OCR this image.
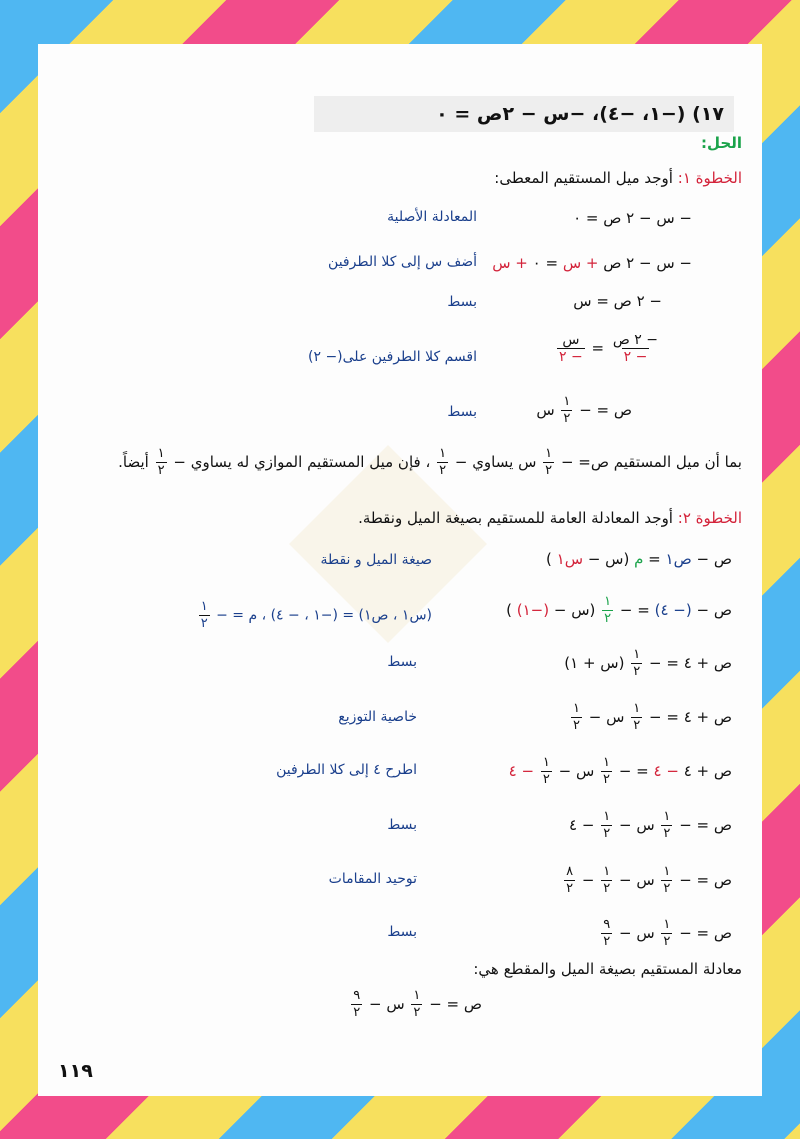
١٧) (−١، −٤)، −س − ٢ص = ٠
الحل:
الخطوة ١: أوجد ميل المستقيم المعطى:
− س − ٢ ص = ٠
المعادلة الأصلية
− س − ٢ ص + س = ٠ + س
أضف س إلى كلا الطرفين
− ٢ ص = س
بسط
$\frac{\text{− ٢ ص}}{- ٢}$
=
$\frac{\text{س}}{- ٢}$
اقسم كلا الطرفين على(− ٢)
ص = −
$\frac{١}{٢}$
س
بسط
بما أن ميل المستقيم ص= −
$\frac{١}{٢}$
س يساوي −
$\frac{١}{٢}$
، فإن ميل المستقيم الموازي له يساوي −
$\frac{١}{٢}$
أيضاً.
الخطوة ٢: أوجد المعادلة العامة للمستقيم بصيغة الميل ونقطة.
ص − ص١ = م (س − س١ )
صيغة الميل و نقطة
ص − (− ٤) = −
$\frac{١}{٢}$
(س − (−١) )
(س١ ، ص١) = (−١ ، − ٤) ، م = −
$\frac{١}{٢}$
ص + ٤ = −
$\frac{١}{٢}$
(س + ١)
بسط
ص + ٤ = −
$\frac{١}{٢}$
س −
$\frac{١}{٢}$
خاصية التوزيع
ص + ٤ − ٤ = −
$\frac{١}{٢}$
س −
$\frac{١}{٢}$
− ٤
اطرح ٤ إلى كلا الطرفين
ص = −
$\frac{١}{٢}$
س −
$\frac{١}{٢}$
− ٤
بسط
ص = −
$\frac{١}{٢}$
س −
$\frac{١}{٢}$
−
$\frac{٨}{٢}$
توحيد المقامات
ص = −
$\frac{١}{٢}$
س −
$\frac{٩}{٢}$
بسط
معادلة المستقيم بصيغة الميل والمقطع هي:
ص = −
$\frac{١}{٢}$
س −
$\frac{٩}{٢}$
١١٩
